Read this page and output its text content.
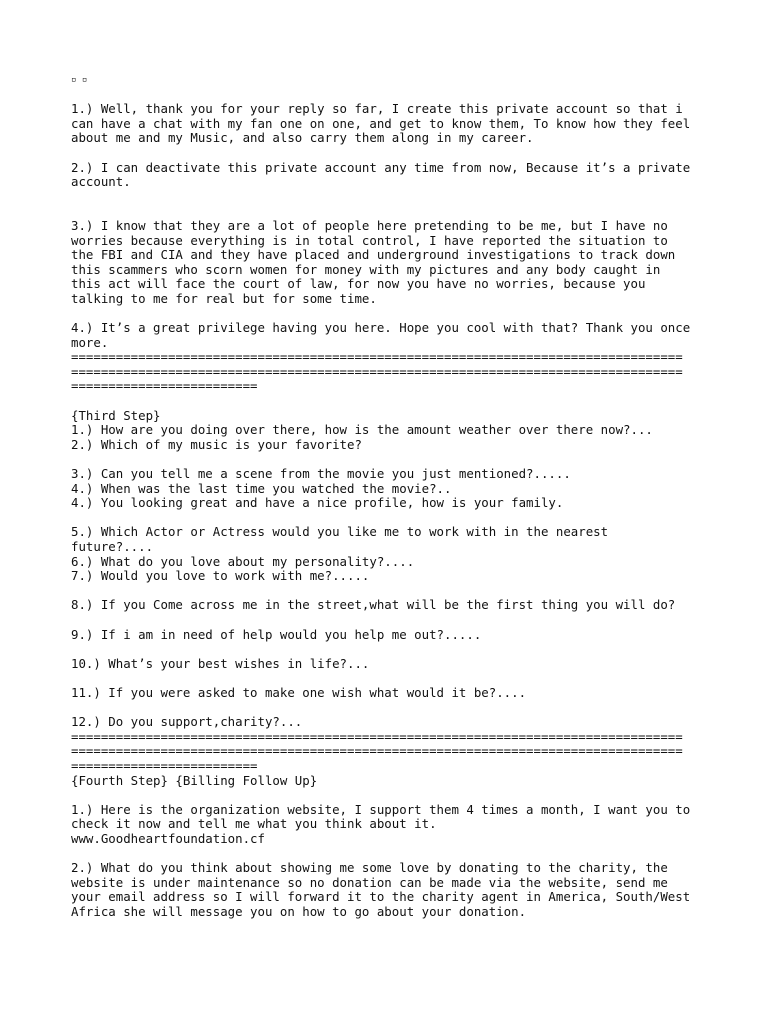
▫ ▫
1.) Well, thank you for your reply so far, I create this private account so that i
can have a chat with my fan one on one, and get to know them, To know how they feel
about me and my Music, and also carry them along in my career.
2.) I can deactivate this private account any time from now, Because it’s a private
account.
3.) I know that they are a lot of people here pretending to be me, but I have no
worries because everything is in total control, I have reported the situation to
the FBI and CIA and they have placed and underground investigations to track down
this scammers who scorn women for money with my pictures and any body caught in
this act will face the court of law, for now you have no worries, because you
talking to me for real but for some time.
4.) It’s a great privilege having you here. Hope you cool with that? Thank you once
more.
==================================================================================
==================================================================================
=========================
{Third Step}
1.) How are you doing over there, how is the amount weather over there now?...
2.) Which of my music is your favorite?
3.) Can you tell me a scene from the movie you just mentioned?.....
4.) When was the last time you watched the movie?..
4.) You looking great and have a nice profile, how is your family.
5.) Which Actor or Actress would you like me to work with in the nearest
future?....
6.) What do you love about my personality?....
7.) Would you love to work with me?.....
8.) If you Come across me in the street,what will be the first thing you will do?
9.) If i am in need of help would you help me out?.....
10.) What’s your best wishes in life?...
11.) If you were asked to make one wish what would it be?....
12.) Do you support,charity?...
==================================================================================
==================================================================================
=========================
{Fourth Step} {Billing Follow Up}
1.) Here is the organization website, I support them 4 times a month, I want you to
check it now and tell me what you think about it.
www.Goodheartfoundation.cf
2.) What do you think about showing me some love by donating to the charity, the
website is under maintenance so no donation can be made via the website, send me
your email address so I will forward it to the charity agent in America, South/West
Africa she will message you on how to go about your donation.
